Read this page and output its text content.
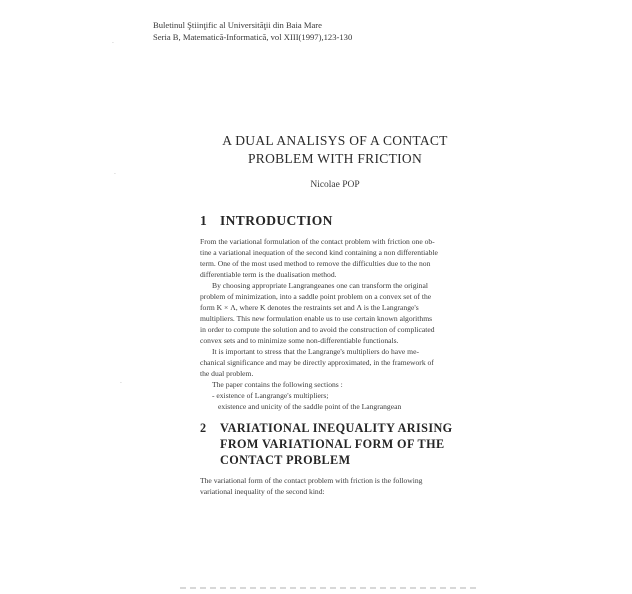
Buletinul Ştiinţific al Universităţii din Baia Mare
Seria B, Matematică-Informatică, vol XIII(1997),123-130
·
·
·
A DUAL ANALISYS OF A CONTACT
PROBLEM WITH FRICTION
Nicolae POP
1 INTRODUCTION
From the variational formulation of the contact problem with friction one ob-
tine a variational inequation of the second kind containing a non differentiable
term. One of the most used method to remove the difficulties due to the non
differentiable term is the dualisation method.
By choosing appropriate Langrangeanes one can transform the original
problem of minimization, into a saddle point problem on a convex set of the
form K × Λ, where K denotes the restraints set and Λ is the Langrange's
multipliers. This new formulation enable us to use certain known algorithms
in order to compute the solution and to avoid the construction of complicated
convex sets and to minimize some non-differentiable functionals.
It is important to stress that the Langrange's multipliers do have me-
chanical significance and may be directly approximated, in the framework of
the dual problem.
The paper contains the following sections :
- existence of Langrange's multipliers;
existence and unicity of the saddle point of the Langrangean
2 VARIATIONAL INEQUALITY ARISING
FROM VARIATIONAL FORM OF THE
CONTACT PROBLEM
The variational form of the contact problem with friction is the following
variational inequality of the second kind:
